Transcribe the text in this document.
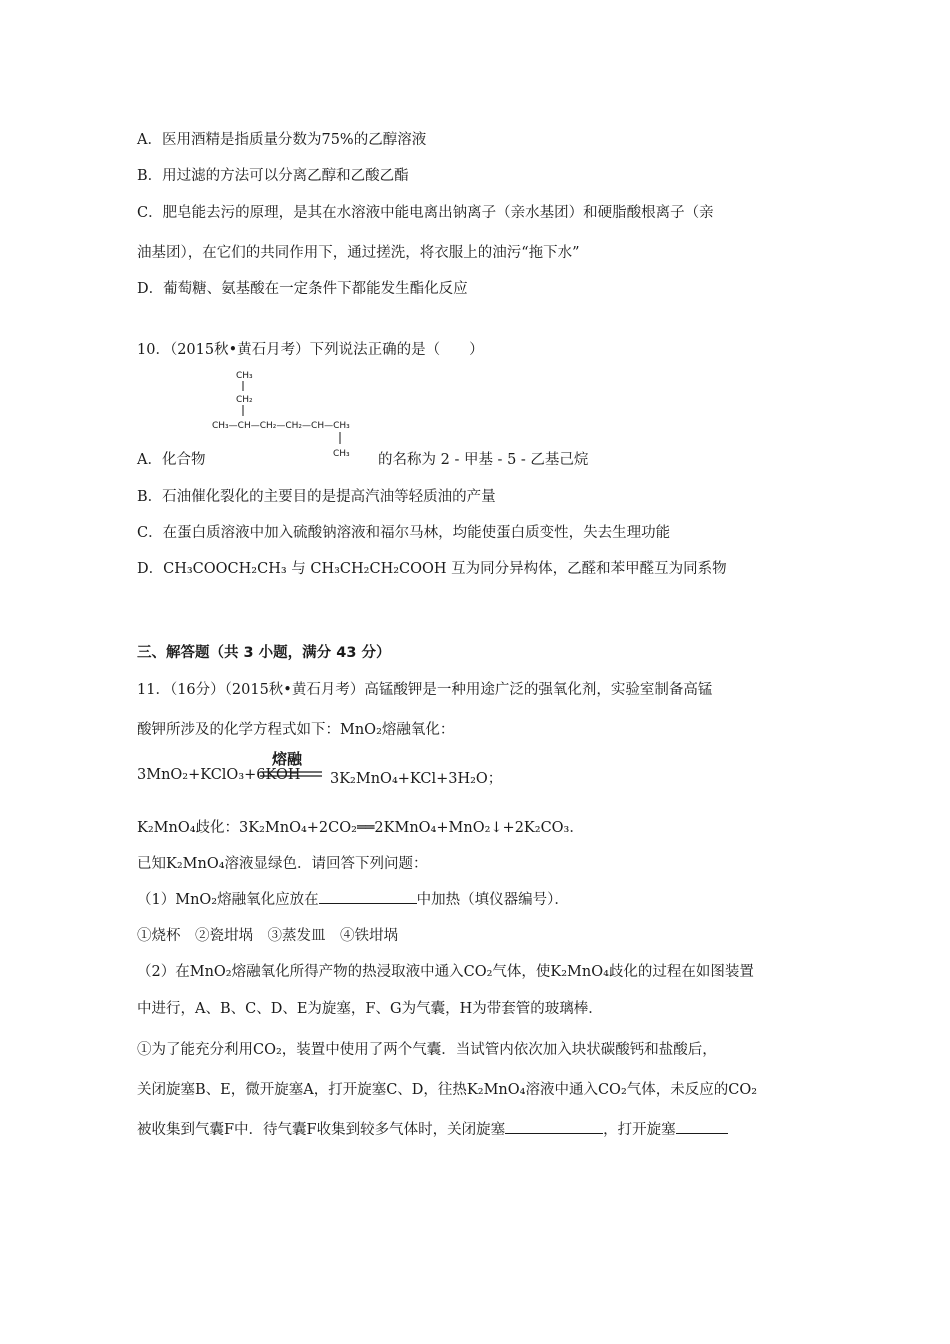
A．医用酒精是指质量分数为75%的乙醇溶液
B．用过滤的方法可以分离乙醇和乙酸乙酯
C．肥皂能去污的原理，是其在水溶液中能电离出钠离子（亲水基团）和硬脂酸根离子（亲
油基团），在它们的共同作用下，通过搓洗，将衣服上的油污“拖下水”
D．葡萄糖、氨基酸在一定条件下都能发生酯化反应
10．（2015秋•黄石月考）下列说法正确的是（　　）
CH₃
CH₂
CH₃—CH—CH₂—CH₂—CH—CH₃
CH₃
A．化合物	的名称为 2 - 甲基 - 5 - 乙基己烷
B．石油催化裂化的主要目的是提高汽油等轻质油的产量
C．在蛋白质溶液中加入硫酸钠溶液和福尔马林，均能使蛋白质变性，失去生理功能
D．CH₃COOCH₂CH₃ 与 CH₃CH₂CH₂COOH 互为同分异构体，乙醛和苯甲醛互为同系物
三、解答题（共 3 小题，满分 43 分）
11．（16分）（2015秋•黄石月考）高锰酸钾是一种用途广泛的强氧化剂，实验室制备高锰
酸钾所涉及的化学方程式如下：MnO₂熔融氧化：
3MnO₂+KClO₃+6KOH
熔融
3K₂MnO₄+KCl+3H₂O；
K₂MnO₄歧化：3K₂MnO₄+2CO₂══2KMnO₄+MnO₂↓+2K₂CO₃．
已知K₂MnO₄溶液显绿色．请回答下列问题：
（1）MnO₂熔融氧化应放在	中加热（填仪器编号）．
①烧杯　②瓷坩埚　③蒸发皿　④铁坩埚
（2）在MnO₂熔融氧化所得产物的热浸取液中通入CO₂气体，使K₂MnO₄歧化的过程在如图装置
中进行，A、B、C、D、E为旋塞，F、G为气囊，H为带套管的玻璃棒．
①为了能充分利用CO₂，装置中使用了两个气囊．当试管内依次加入块状碳酸钙和盐酸后，
关闭旋塞B、E，微开旋塞A，打开旋塞C、D，往热K₂MnO₄溶液中通入CO₂气体，未反应的CO₂
被收集到气囊F中．待气囊F收集到较多气体时，关闭旋塞	，打开旋塞
